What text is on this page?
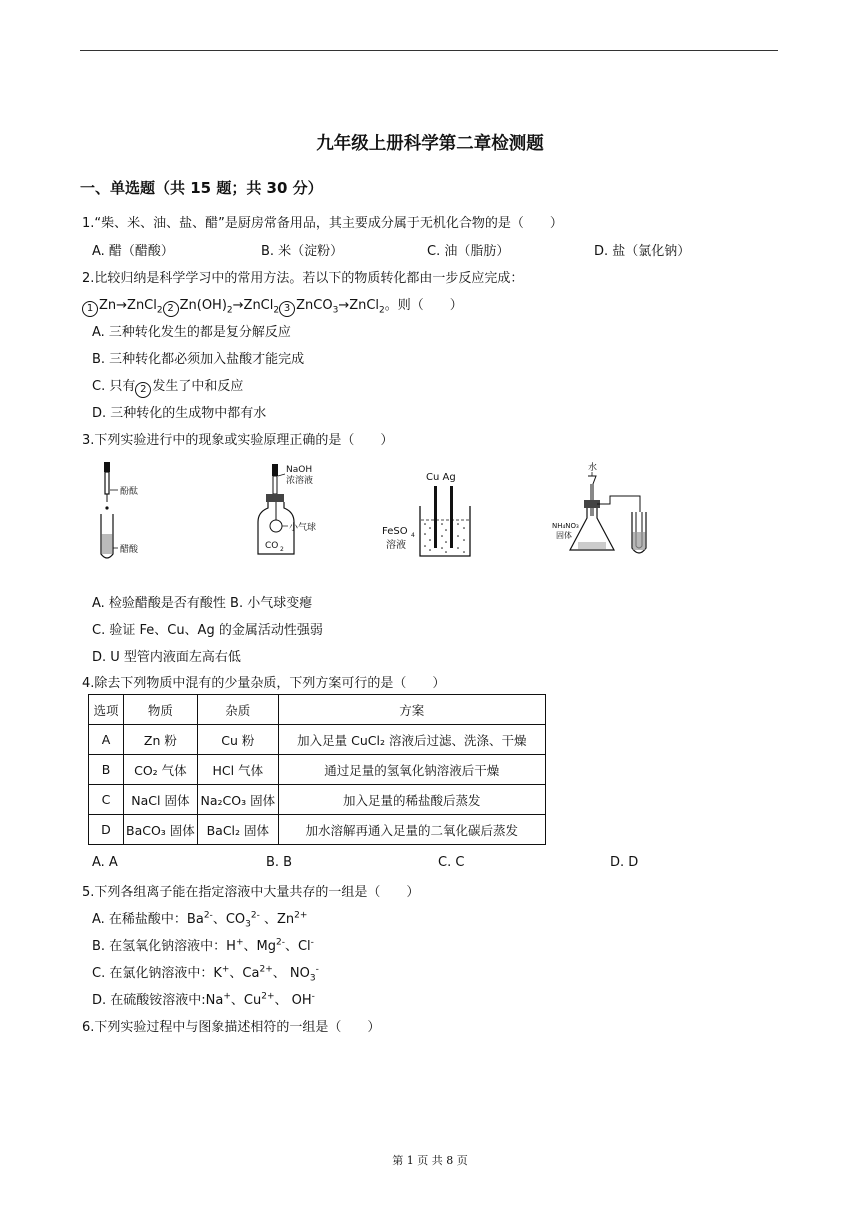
九年级上册科学第二章检测题
一、单选题（共 15 题；共 30 分）
1.“柴、米、油、盐、醋”是厨房常备用品，其主要成分属于无机化合物的是（　　）
A. 醋（醋酸）	B. 米（淀粉）	C. 油（脂肪）	D. 盐（氯化钠）
2.比较归纳是科学学习中的常用方法。若以下的物质转化都由一步反应完成：
1 Zn→ZnCl$_2$ 2 $Zn(OH)_2\to ZnCl_2$ 3 ZnCO$_3$→ZnCl$_2$。则（　　）
A. 三种转化发生的都是复分解反应
B. 三种转化都必须加入盐酸才能完成
C. 只有 2 发生了中和反应
D. 三种转化的生成物中都有水
3.下列实验进行中的现象或实验原理正确的是（　　）
酚酞
醋酸
NaOH
浓溶液
小气球
CO 2
Cu Ag
FeSO 4
溶液
水
NH₄NO₃
固体
A. 检验醋酸是否有酸性 B. 小气球变瘪
C. 验证 Fe、Cu、Ag 的金属活动性强弱
D. U 型管内液面左高右低
4.除去下列物质中混有的少量杂质，下列方案可行的是（　　）
选项	物质	杂质	方案
A	Zn 粉	Cu 粉	加入足量 CuCl₂ 溶液后过滤、洗涤、干燥
B	CO₂ 气体	HCl 气体	通过足量的氢氧化钠溶液后干燥
C	NaCl 固体	Na₂CO₃ 固体	加入足量的稀盐酸后蒸发
D	BaCO₃ 固体	BaCl₂ 固体	加水溶解再通入足量的二氧化碳后蒸发
A. A	B. B	C. C	D. D
5.下列各组离子能在指定溶液中大量共存的一组是（　　）
A. 在稀盐酸中：$Ba^{2-}$、$CO_3^{2-}$ 、$Zn^{2+}$
B. 在氢氧化钠溶液中：H+、$Mg^{2-}$、Cl-
C. 在氯化钠溶液中：K+、$Ca^{2+}$、 $NO_3^-$
D. 在硫酸铵溶液中:Na+、$Cu^{2+}$、 OH-
6.下列实验过程中与图象描述相符的一组是（　　）
第 1 页 共 8 页
